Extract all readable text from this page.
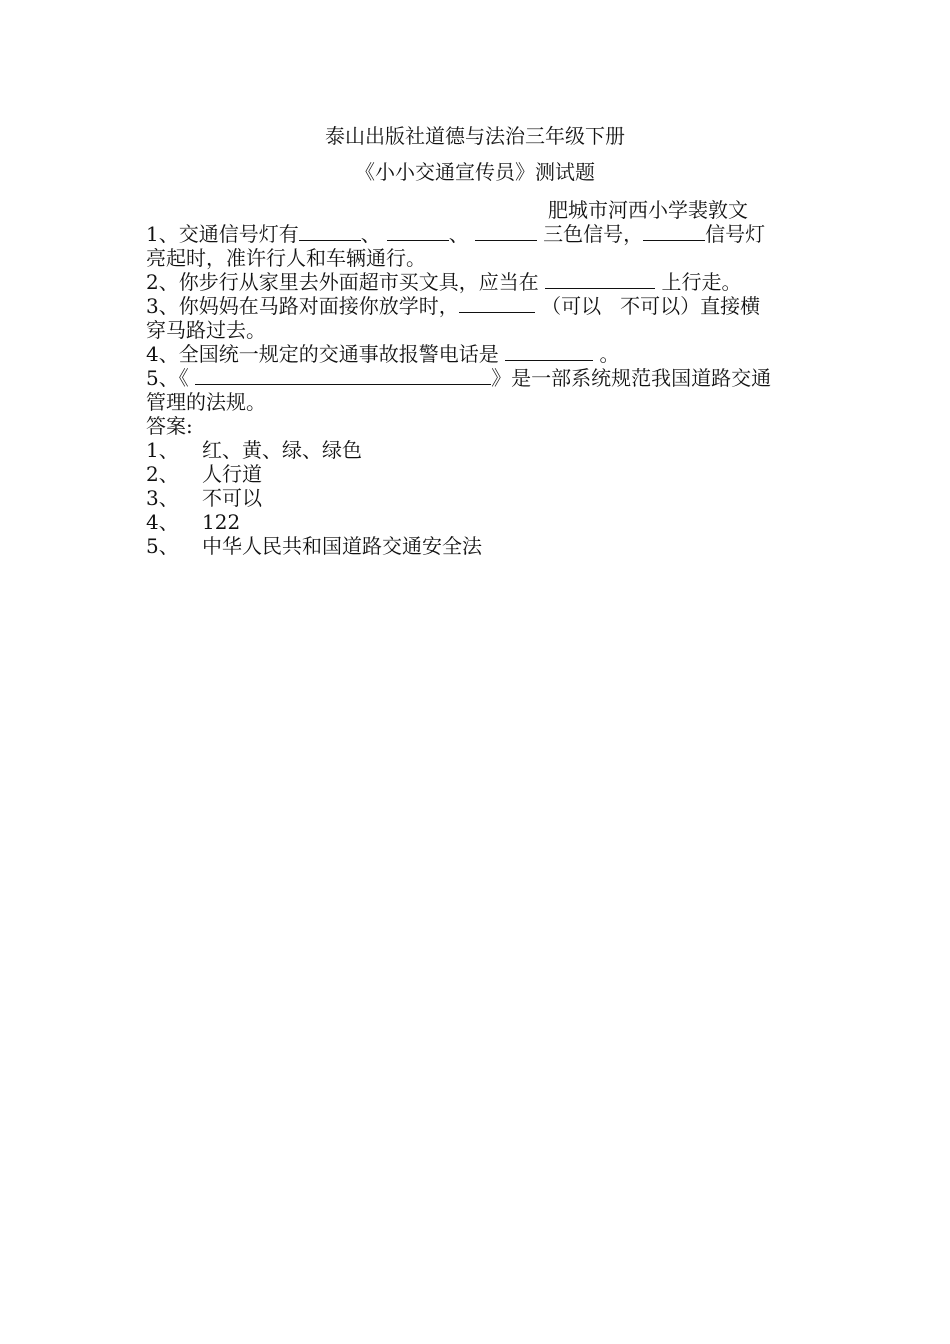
泰山出版社道德与法治三年级下册
《小小交通宣传员》测试题
肥城市河西小学裴敦文
1、交通信号灯有	、	、	三色信号，	信号灯
亮起时，准许行人和车辆通行。
2、你步行从家里去外面超市买文具，应当在	上行走。
3、你妈妈在马路对面接你放学时，	（可以   不可以）直接横
穿马路过去。
4、全国统一规定的交通事故报警电话是	。
5、《	》是一部系统规范我国道路交通
管理的法规。
答案:
1、 红、黄、绿、绿色
2、 人行道
3、 不可以
4、 122
5、 中华人民共和国道路交通安全法
